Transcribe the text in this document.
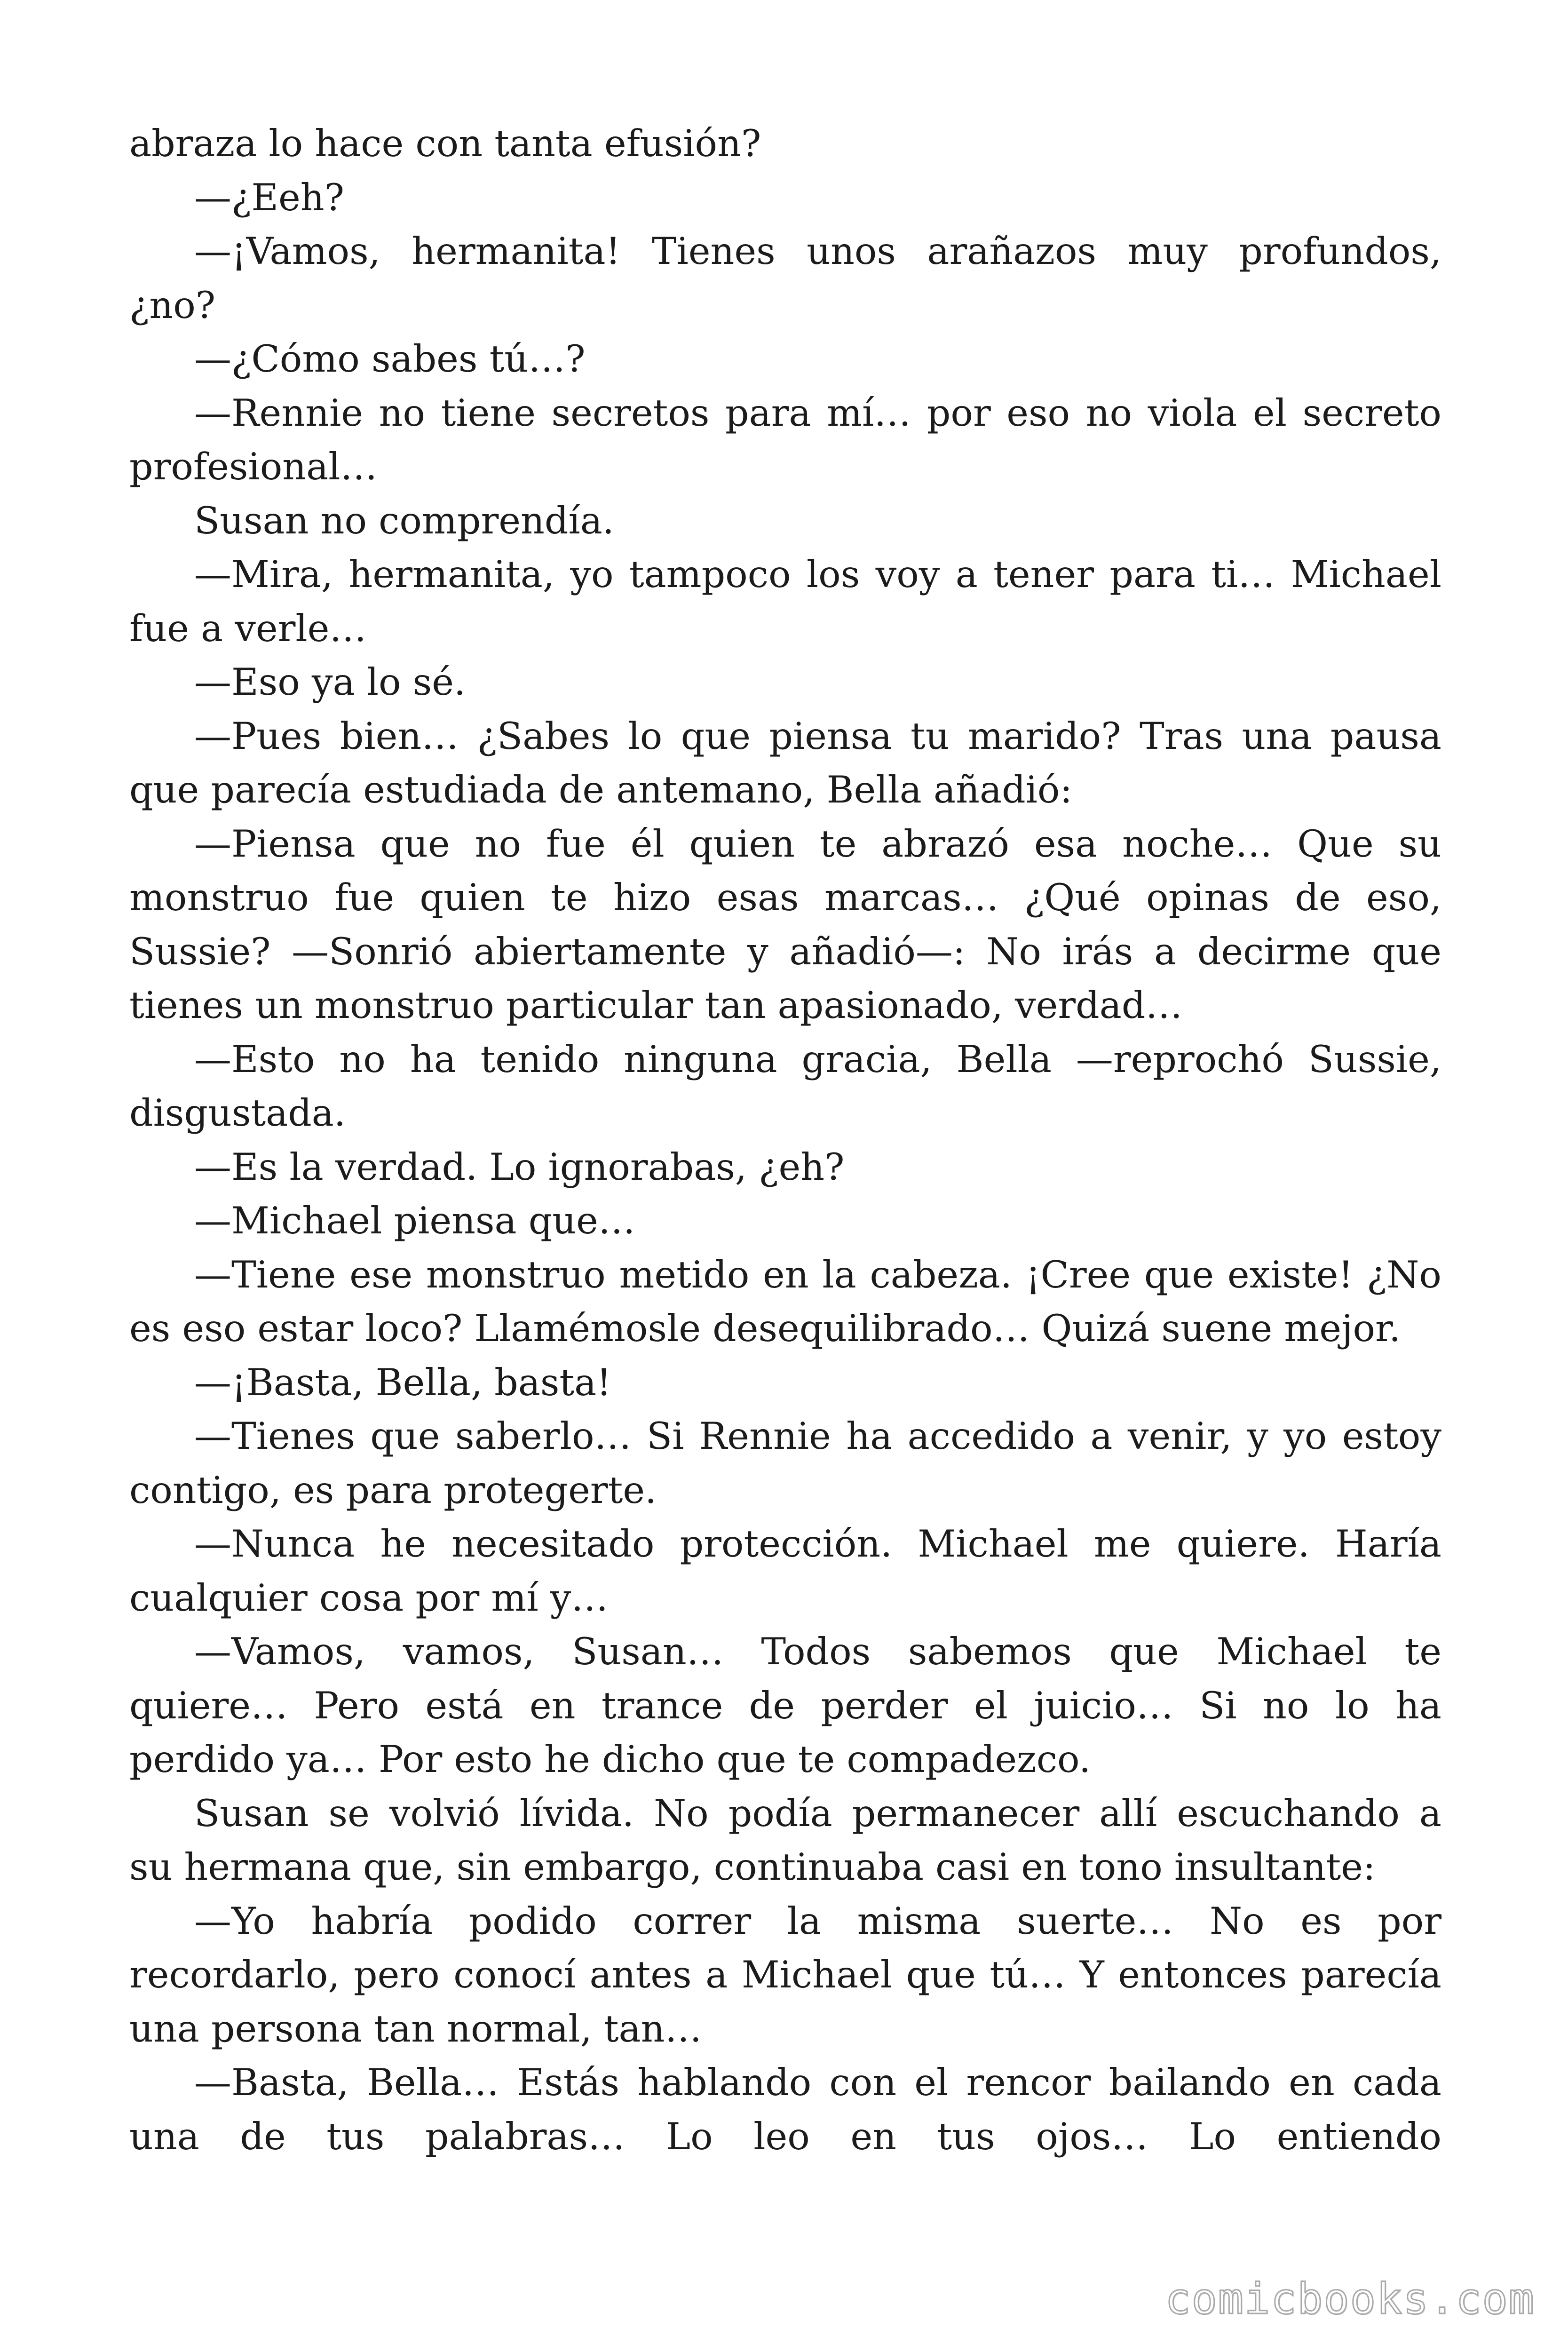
abraza lo hace con tanta efusión?
—¿Eeh?
—¡Vamos, hermanita! Tienes unos arañazos muy profundos,
¿no?
—¿Cómo sabes tú…?
—Rennie no tiene secretos para mí… por eso no viola el secreto
profesional…
Susan no comprendía.
—Mira, hermanita, yo tampoco los voy a tener para ti… Michael
fue a verle…
—Eso ya lo sé.
—Pues bien… ¿Sabes lo que piensa tu marido? Tras una pausa
que parecía estudiada de antemano, Bella añadió:
—Piensa que no fue él quien te abrazó esa noche… Que su
monstruo fue quien te hizo esas marcas… ¿Qué opinas de eso,
Sussie? —Sonrió abiertamente y añadió—: No irás a decirme que
tienes un monstruo particular tan apasionado, verdad…
—Esto no ha tenido ninguna gracia, Bella —reprochó Sussie,
disgustada.
—Es la verdad. Lo ignorabas, ¿eh?
—Michael piensa que…
—Tiene ese monstruo metido en la cabeza. ¡Cree que existe! ¿No
es eso estar loco? Llamémosle desequilibrado… Quizá suene mejor.
—¡Basta, Bella, basta!
—Tienes que saberlo… Si Rennie ha accedido a venir, y yo estoy
contigo, es para protegerte.
—Nunca he necesitado protección. Michael me quiere. Haría
cualquier cosa por mí y…
—Vamos, vamos, Susan… Todos sabemos que Michael te
quiere… Pero está en trance de perder el juicio… Si no lo ha
perdido ya… Por esto he dicho que te compadezco.
Susan se volvió lívida. No podía permanecer allí escuchando a
su hermana que, sin embargo, continuaba casi en tono insultante:
—Yo habría podido correr la misma suerte… No es por
recordarlo, pero conocí antes a Michael que tú… Y entonces parecía
una persona tan normal, tan…
—Basta, Bella… Estás hablando con el rencor bailando en cada
una de tus palabras… Lo leo en tus ojos… Lo entiendo
comicbooks.com
